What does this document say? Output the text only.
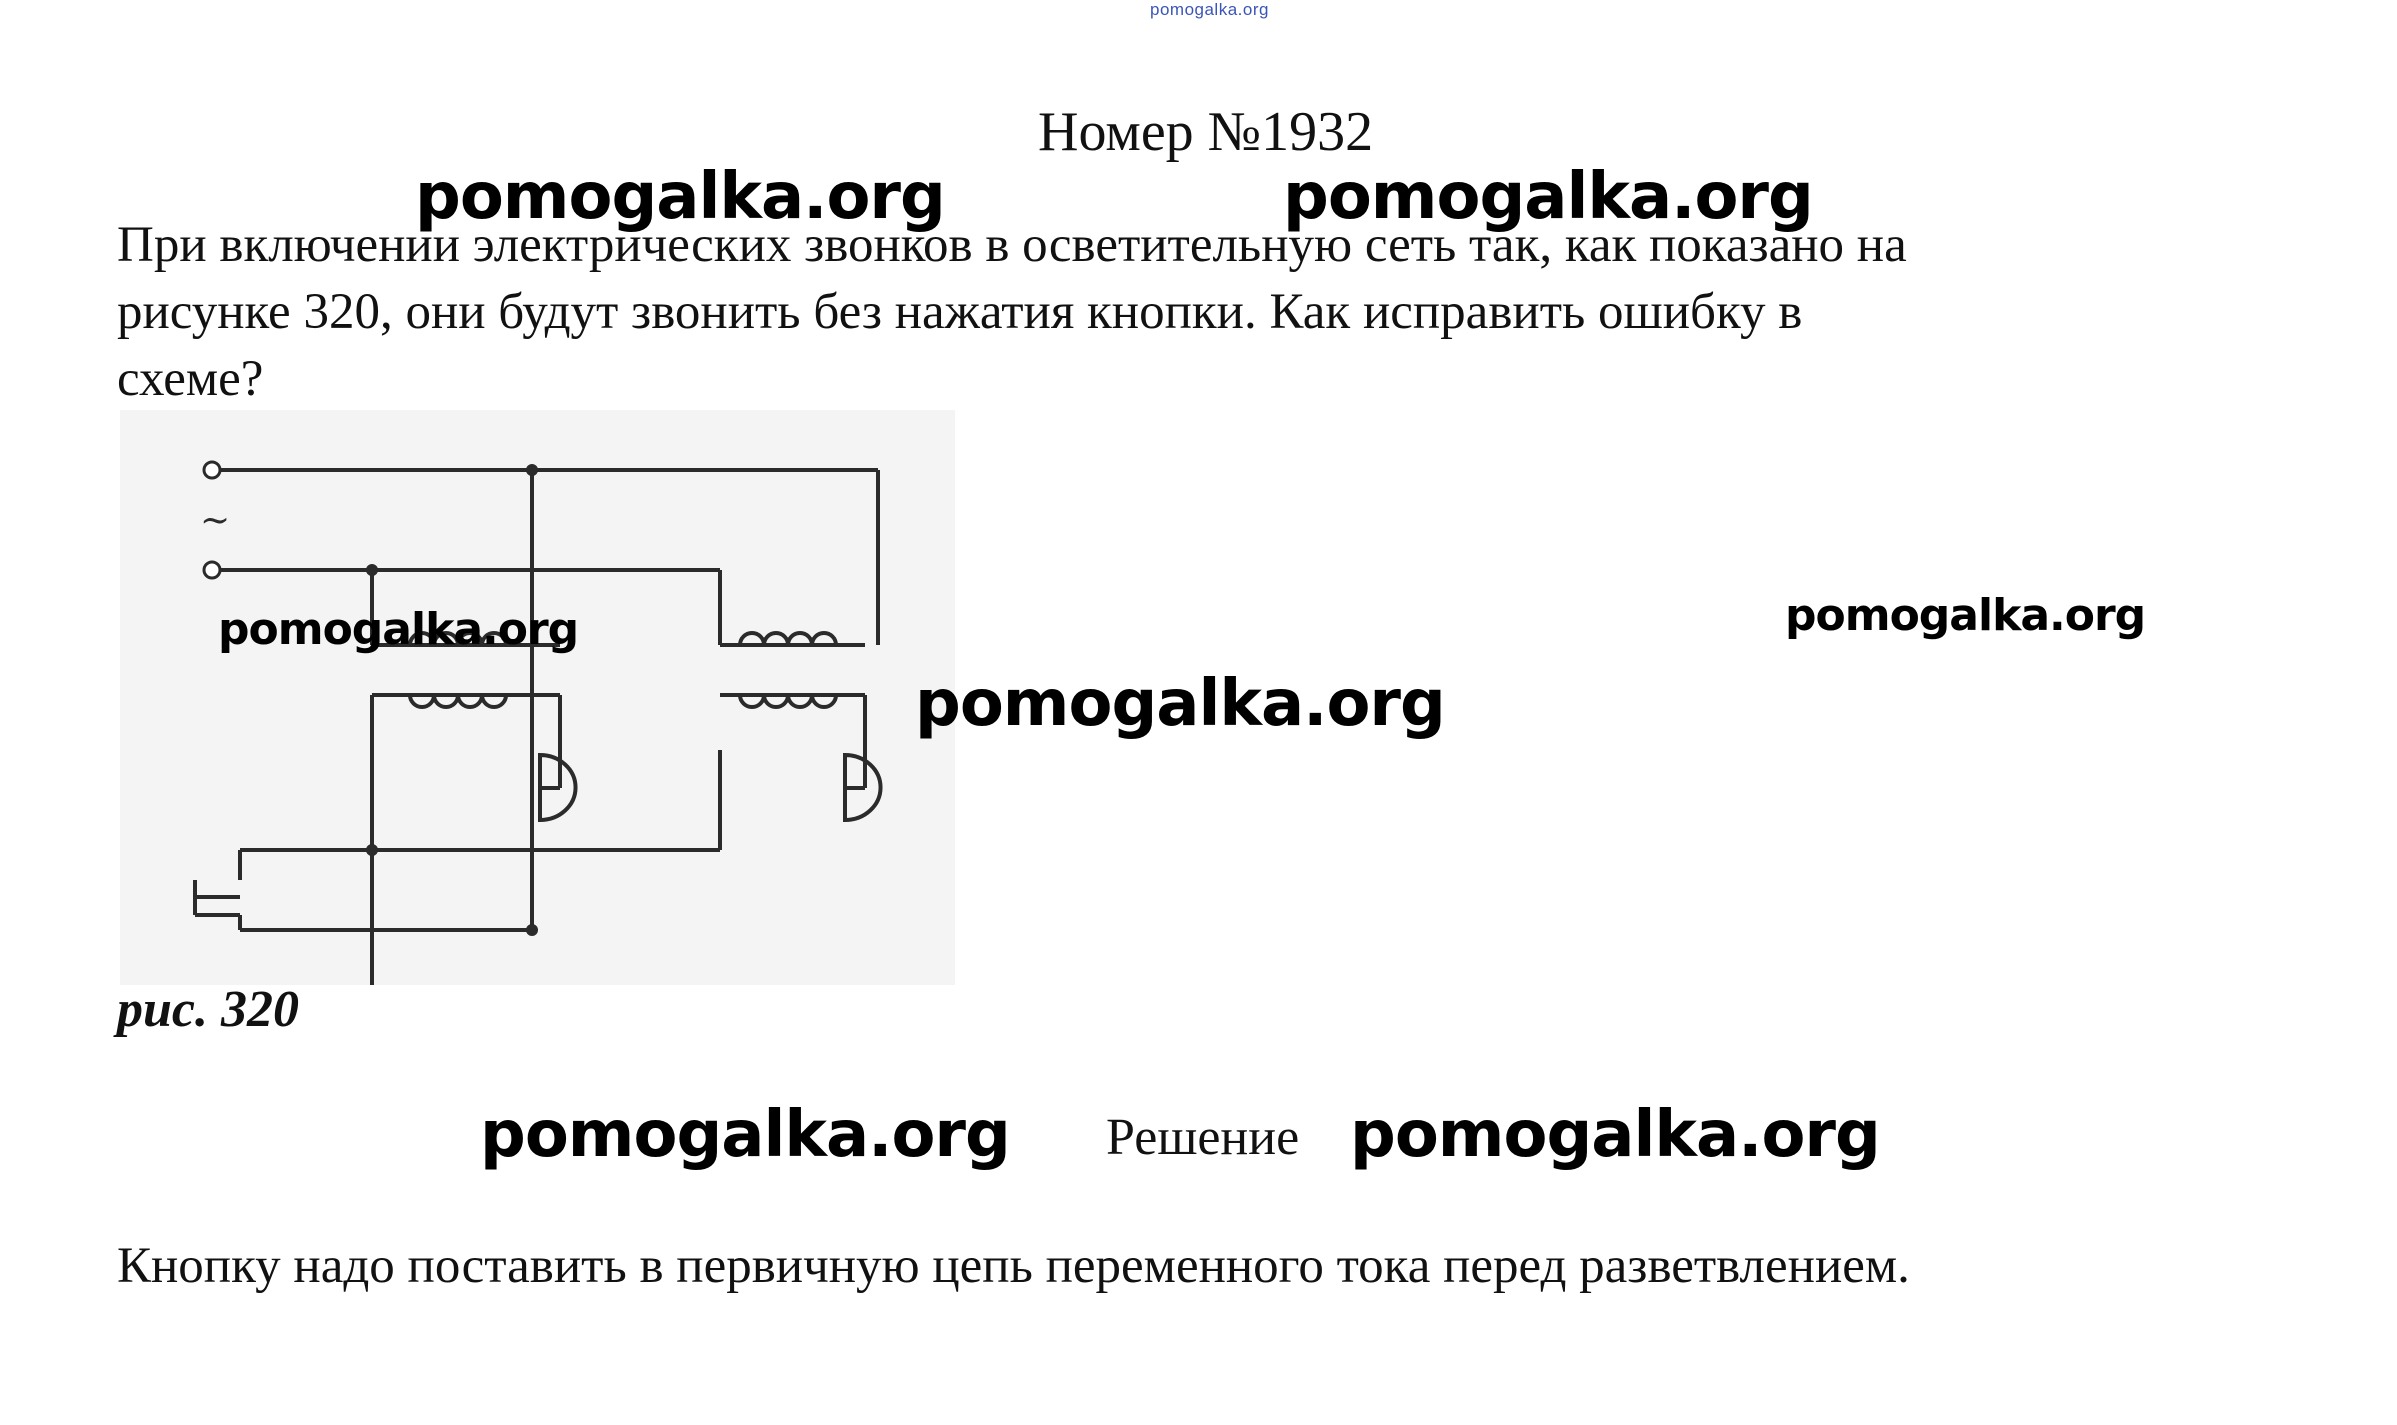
pomogalka.org
Номер №1932
При включении электрических звонков в осветительную сеть так, как показано на
рисунке 320, они будут звонить без нажатия кнопки. Как исправить ошибку в
схеме?
~
рис. 320
Решение
Кнопку надо поставить в первичную цепь переменного тока перед разветвлением.
pomogalka.org	pomogalka.org
pomogalka.org	pomogalka.org
pomogalka.org
pomogalka.org	pomogalka.org
